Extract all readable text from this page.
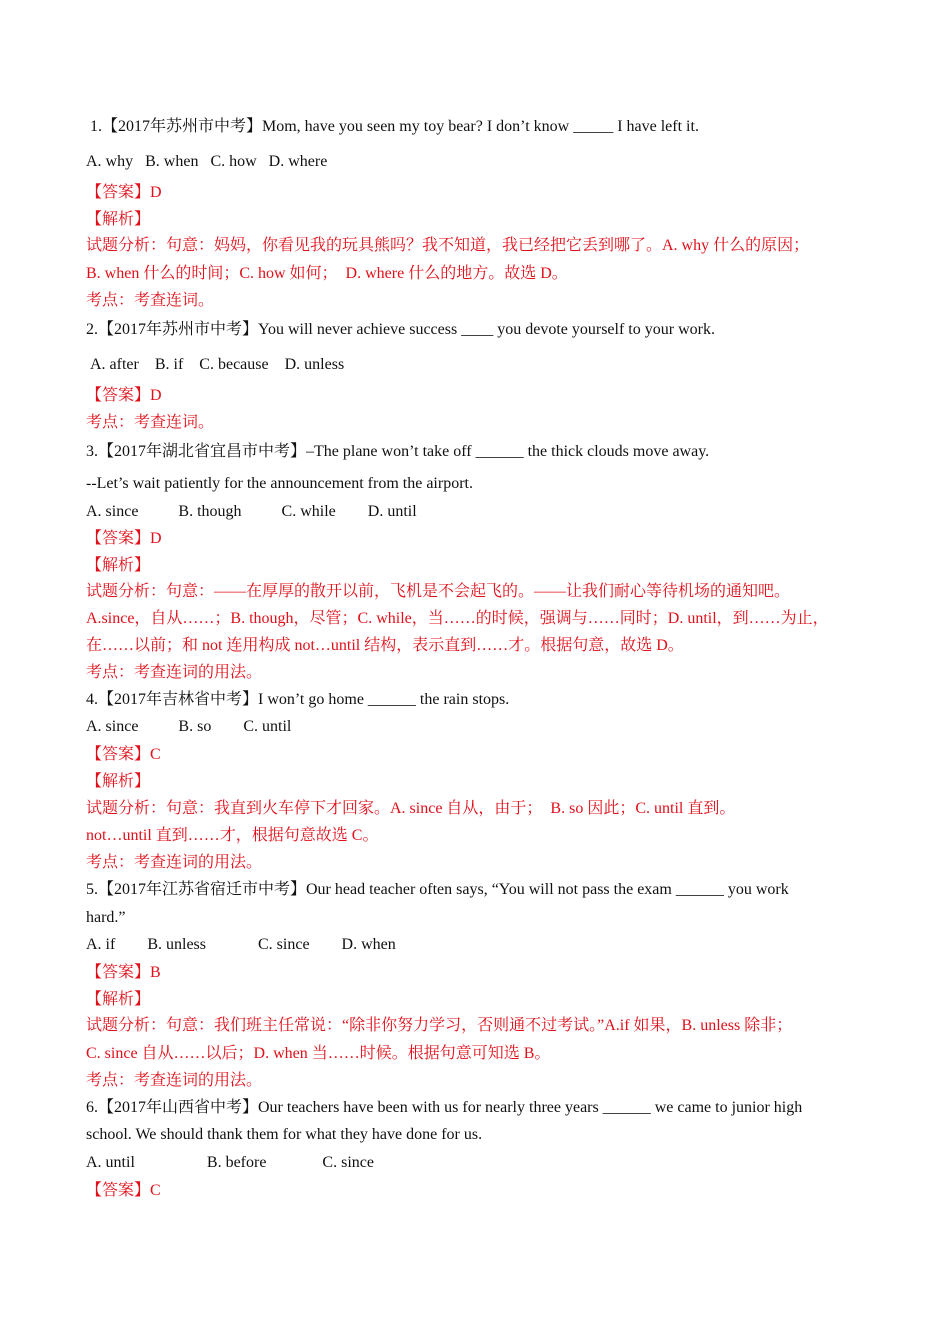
1.【2017年苏州市中考】Mom, have you seen my toy bear? I don’t know _____ I have left it.
A. why   B. when   C. how   D. where
【答案】D
【解析】
试题分析：句意：妈妈，你看见我的玩具熊吗？我不知道，我已经把它丢到哪了。A. why 什么的原因；
B. when 什么的时间；C. how 如何；  D. where 什么的地方。故选 D。
考点：考查连词。
2.【2017年苏州市中考】You will never achieve success ____ you devote yourself to your work.
A. after    B. if    C. because    D. unless
【答案】D
考点：考查连词。
3.【2017年湖北省宜昌市中考】–The plane won’t take off ______ the thick clouds move away.
--Let’s wait patiently for the announcement from the airport.
A. since          B. though          C. while        D. until
【答案】D
【解析】
试题分析：句意：——在厚厚的散开以前，飞机是不会起飞的。——让我们耐心等待机场的通知吧。
A.since，自从……；B. though，尽管；C. while，当……的时候，强调与……同时；D. until，到……为止，
在……以前；和 not 连用构成 not…until 结构，表示直到……才。根据句意，故选 D。
考点：考查连词的用法。
4.【2017年吉林省中考】I won’t go home ______ the rain stops.
A. since          B. so        C. until
【答案】C
【解析】
试题分析：句意：我直到火车停下才回家。A. since 自从，由于；  B. so 因此；C. until 直到。
not…until 直到……才，根据句意故选 C。
考点：考查连词的用法。
5.【2017年江苏省宿迁市中考】Our head teacher often says, “You will not pass the exam ______ you work
hard.”
A. if        B. unless             C. since        D. when
【答案】B
【解析】
试题分析：句意：我们班主任常说：“除非你努力学习，否则通不过考试。”A.if 如果，B. unless 除非；
C. since 自从……以后；D. when 当……时候。根据句意可知选 B。
考点：考查连词的用法。
6.【2017年山西省中考】Our teachers have been with us for nearly three years ______ we came to junior high
school. We should thank them for what they have done for us.
A. until                  B. before              C. since
【答案】C
